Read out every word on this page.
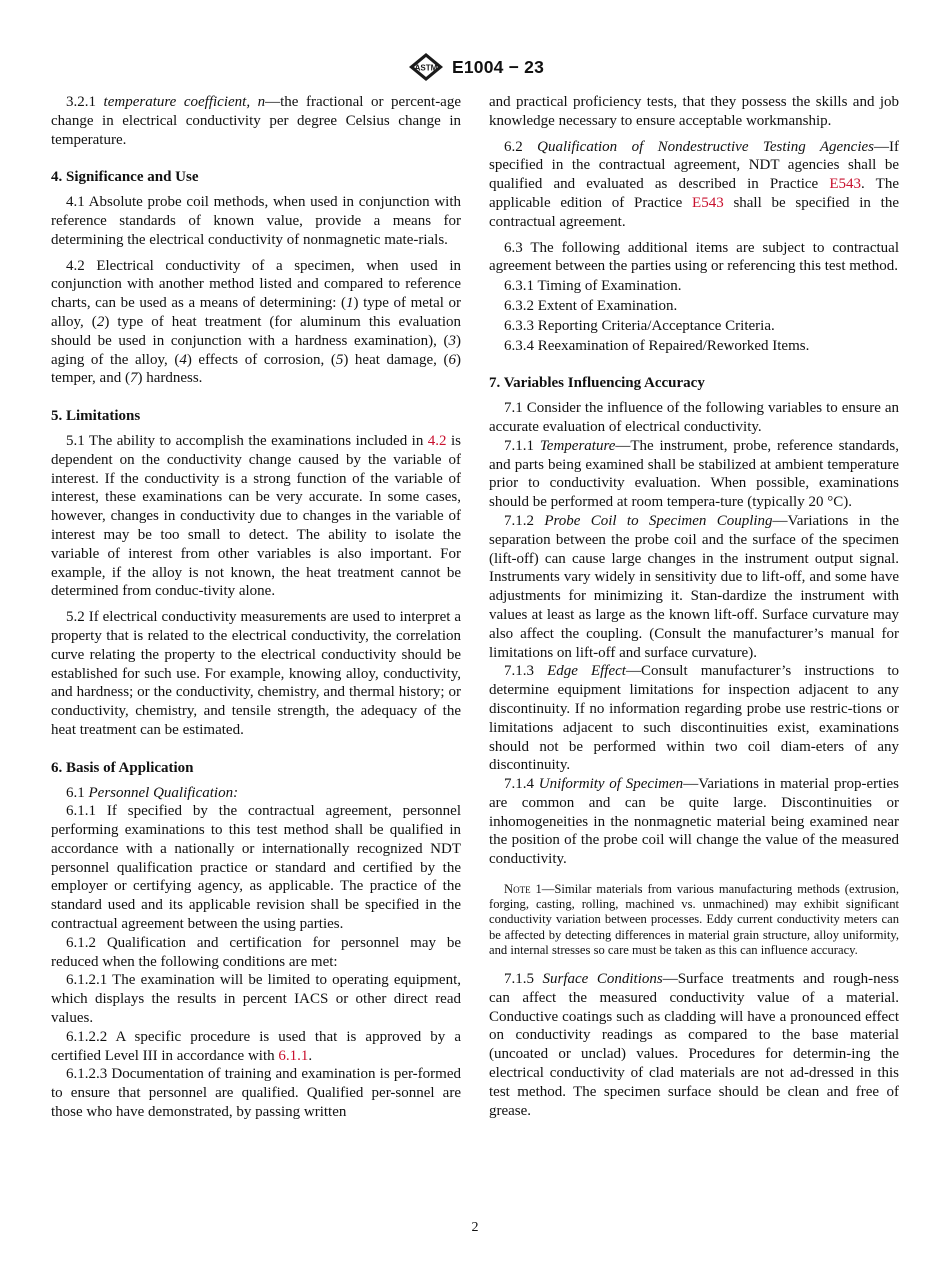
ASTM E1004 − 23

3.2.1 temperature coefficient, n—the fractional or percent-age change in electrical conductivity per degree Celsius change in temperature.

4. Significance and Use

4.1 Absolute probe coil methods, when used in conjunction with reference standards of known value, provide a means for determining the electrical conductivity of nonmagnetic mate-rials.

4.2 Electrical conductivity of a specimen, when used in conjunction with another method listed and compared to reference charts, can be used as a means of determining: (1) type of metal or alloy, (2) type of heat treatment (for aluminum this evaluation should be used in conjunction with a hardness examination), (3) aging of the alloy, (4) effects of corrosion, (5) heat damage, (6) temper, and (7) hardness.

5. Limitations

5.1 The ability to accomplish the examinations included in 4.2 is dependent on the conductivity change caused by the variable of interest. If the conductivity is a strong function of the variable of interest, these examinations can be very accurate. In some cases, however, changes in conductivity due to changes in the variable of interest may be too small to detect. The ability to isolate the variable of interest from other variables is also important. For example, if the alloy is not known, the heat treatment cannot be determined from conduc-tivity alone.

5.2 If electrical conductivity measurements are used to interpret a property that is related to the electrical conductivity, the correlation curve relating the property to the electrical conductivity should be established for such use. For example, knowing alloy, conductivity, and hardness; or the conductivity, chemistry, and thermal history; or conductivity, chemistry, and tensile strength, the adequacy of the heat treatment can be estimated.

6. Basis of Application

6.1 Personnel Qualification:

6.1.1 If specified by the contractual agreement, personnel performing examinations to this test method shall be qualified in accordance with a nationally or internationally recognized NDT personnel qualification practice or standard and certified by the employer or certifying agency, as applicable. The practice of the standard used and its applicable revision shall be specified in the contractual agreement between the using parties.

6.1.2 Qualification and certification for personnel may be reduced when the following conditions are met:

6.1.2.1 The examination will be limited to operating equipment, which displays the results in percent IACS or other direct read values.

6.1.2.2 A specific procedure is used that is approved by a certified Level III in accordance with 6.1.1.

6.1.2.3 Documentation of training and examination is per-formed to ensure that personnel are qualified. Qualified per-sonnel are those who have demonstrated, by passing written

and practical proficiency tests, that they possess the skills and job knowledge necessary to ensure acceptable workmanship.

6.2 Qualification of Nondestructive Testing Agencies—If specified in the contractual agreement, NDT agencies shall be qualified and evaluated as described in Practice E543. The applicable edition of Practice E543 shall be specified in the contractual agreement.

6.3 The following additional items are subject to contractual agreement between the parties using or referencing this test method.

6.3.1 Timing of Examination.

6.3.2 Extent of Examination.

6.3.3 Reporting Criteria/Acceptance Criteria.

6.3.4 Reexamination of Repaired/Reworked Items.

7. Variables Influencing Accuracy

7.1 Consider the influence of the following variables to ensure an accurate evaluation of electrical conductivity.

7.1.1 Temperature—The instrument, probe, reference standards, and parts being examined shall be stabilized at ambient temperature prior to conductivity evaluation. When possible, examinations should be performed at room tempera-ture (typically 20 °C).

7.1.2 Probe Coil to Specimen Coupling—Variations in the separation between the probe coil and the surface of the specimen (lift-off) can cause large changes in the instrument output signal. Instruments vary widely in sensitivity due to lift-off, and some have adjustments for minimizing it. Stan-dardize the instrument with values at least as large as the known lift-off. Surface curvature may also affect the coupling. (Consult the manufacturer’s manual for limitations on lift-off and surface curvature).

7.1.3 Edge Effect—Consult manufacturer’s instructions to determine equipment limitations for inspection adjacent to any discontinuity. If no information regarding probe use restric-tions or limitations adjacent to such discontinuities exist, examinations should not be performed within two coil diam-eters of any discontinuity.

7.1.4 Uniformity of Specimen—Variations in material prop-erties are common and can be quite large. Discontinuities or inhomogeneities in the nonmagnetic material being examined near the position of the probe coil will change the value of the measured conductivity.

Note 1—Similar materials from various manufacturing methods (extrusion, forging, casting, rolling, machined vs. unmachined) may exhibit significant conductivity variation between processes. Eddy current conductivity meters can be affected by detecting differences in material grain structure, alloy uniformity, and internal stresses so care must be taken as this can influence accuracy.

7.1.5 Surface Conditions—Surface treatments and rough-ness can affect the measured conductivity value of a material. Conductive coatings such as cladding will have a pronounced effect on conductivity readings as compared to the base material (uncoated or unclad) values. Procedures for determin-ing the electrical conductivity of clad materials are not ad-dressed in this test method. The specimen surface should be clean and free of grease.

2
